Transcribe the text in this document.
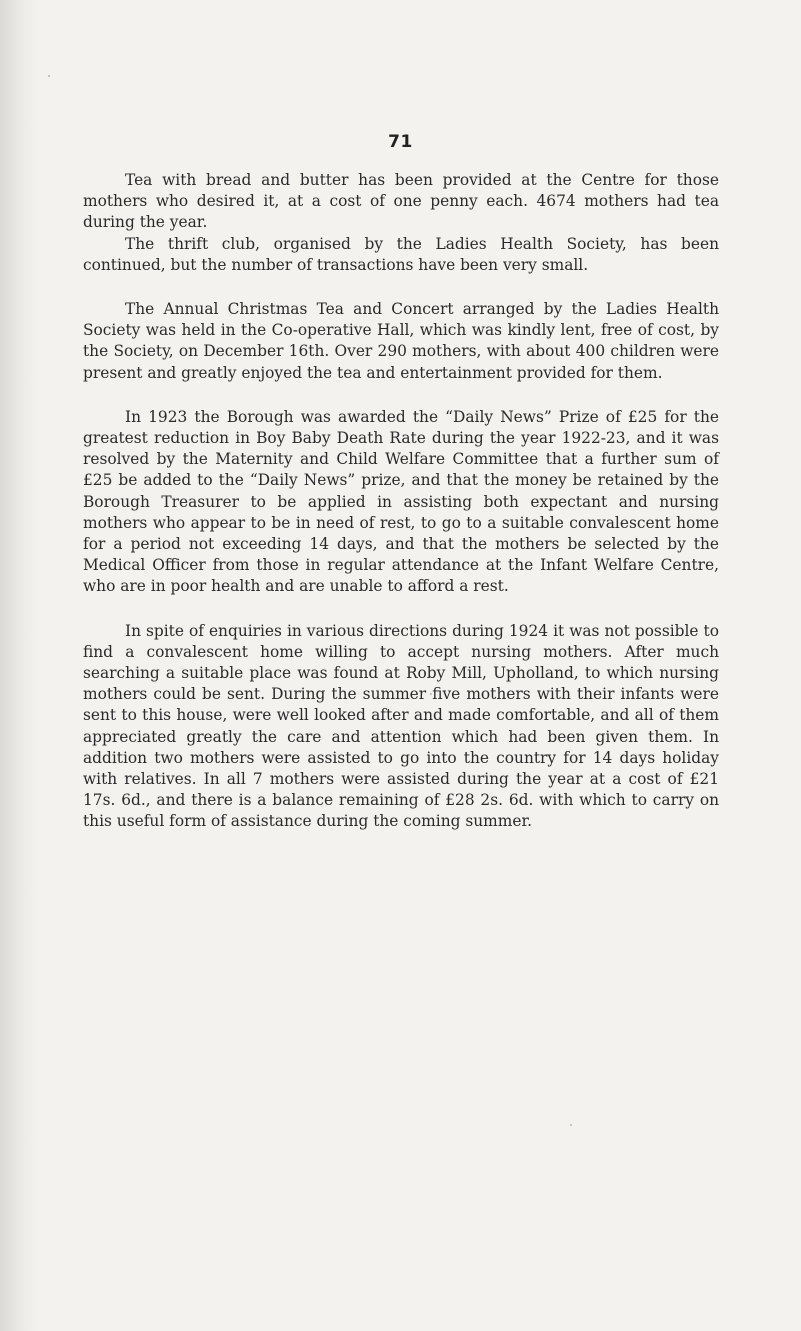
71

Tea with bread and butter has been provided at the Centre for those mothers who desired it, at a cost of one penny each. 4674 mothers had tea during the year.

The thrift club, organised by the Ladies Health Society, has been continued, but the number of transactions have been very small.

The Annual Christmas Tea and Concert arranged by the Ladies Health Society was held in the Co-operative Hall, which was kindly lent, free of cost, by the Society, on December 16th. Over 290 mothers, with about 400 children were present and greatly enjoyed the tea and entertainment provided for them.

In 1923 the Borough was awarded the “Daily News” Prize of £25 for the greatest reduction in Boy Baby Death Rate during the year 1922-23, and it was resolved by the Maternity and Child Welfare Committee that a further sum of £25 be added to the “Daily News” prize, and that the money be retained by the Borough Treasurer to be applied in assisting both expectant and nursing mothers who appear to be in need of rest, to go to a suitable convalescent home for a period not exceeding 14 days, and that the mothers be selected by the Medical Officer from those in regular attendance at the Infant Welfare Centre, who are in poor health and are unable to afford a rest.

In spite of enquiries in various directions during 1924 it was not possible to find a convalescent home willing to accept nursing mothers. After much searching a suitable place was found at Roby Mill, Upholland, to which nursing mothers could be sent. During the summer five mothers with their infants were sent to this house, were well looked after and made comfortable, and all of them appreciated greatly the care and attention which had been given them. In addition two mothers were assisted to go into the country for 14 days holiday with relatives. In all 7 mothers were assisted during the year at a cost of £21 17s. 6d., and there is a balance remaining of £28 2s. 6d. with which to carry on this useful form of assistance during the coming summer.
